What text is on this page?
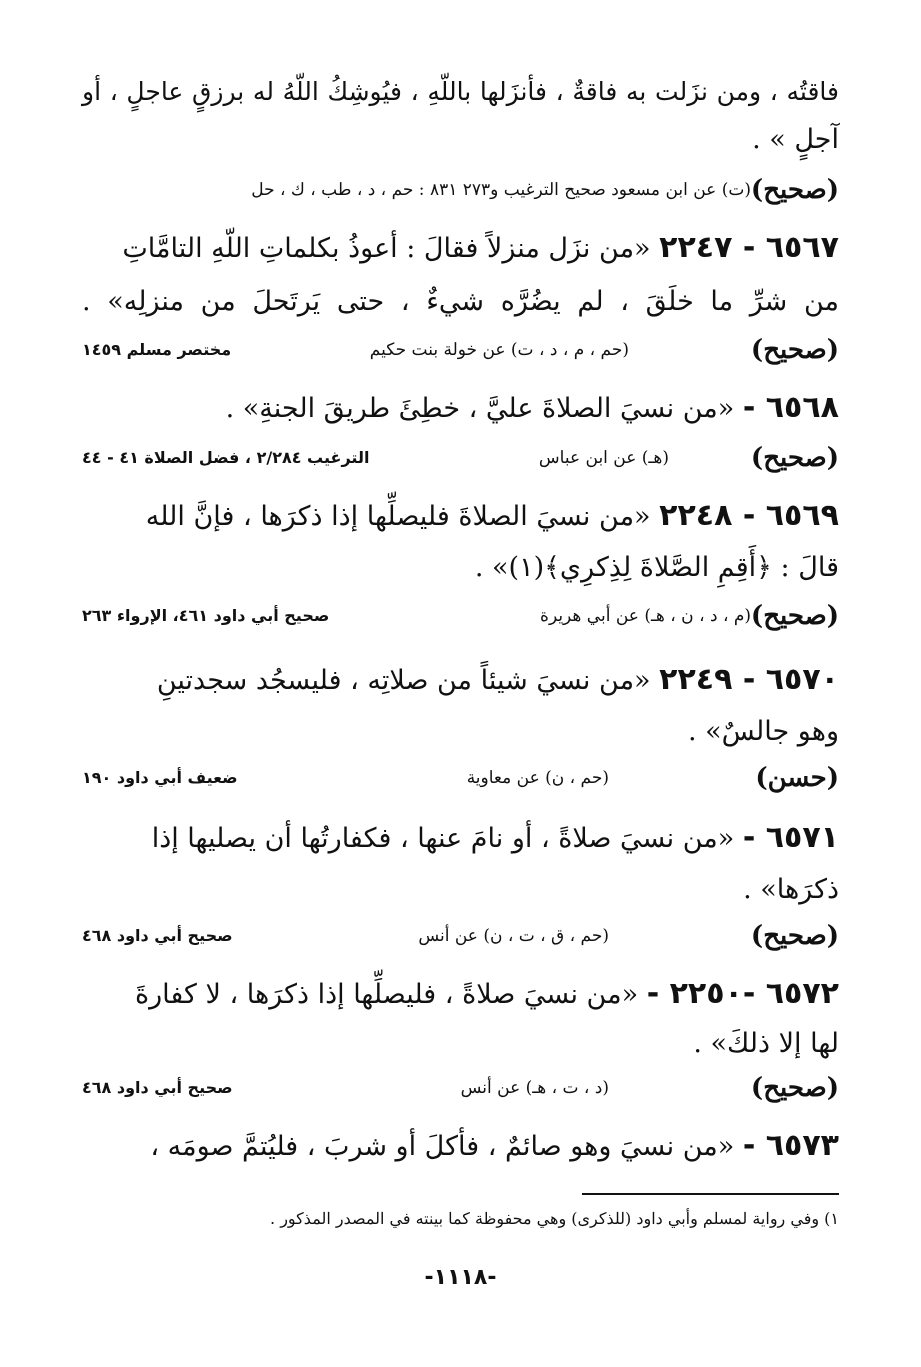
فاقتُه ، ومن نزَلت به فاقةٌ ، فأنزَلها باللّهِ ، فيُوشِكُ اللّهُ له برزقٍ عاجلٍ ، أو
آجلٍ » .
(صحيح)
(ت) عن ابن مسعود صحيح الترغيب و٢٧٣ ٨٣١ : حم ، د ، طب ، ك ، حل
٦٥٦٧ - ٢٢٤٧ «من نزَل منزلاً فقالَ : أعوذُ بكلماتِ اللّهِ التامَّاتِ
من شرِّ ما خلَقَ ، لم يضُرَّه شيءٌ ، حتى يَرتَحلَ من منزلِه» .
(صحيح)
(حم ، م ، د ، ت) عن خولة بنت حكيم
مختصر مسلم ١٤٥٩
٦٥٦٨ - «من نسيَ الصلاةَ عليَّ ، خطِئَ طريقَ الجنةِ» .
(صحيح)
(هـ) عن ابن عباس
الترغيب ٢/٢٨٤ ، فضل الصلاة ٤١ - ٤٤
٦٥٦٩ - ٢٢٤٨ «من نسيَ الصلاةَ فليصلِّها إذا ذكرَها ، فإنَّ الله
قالَ : ﴿أَقِمِ الصَّلاةَ لِذِكرِي﴾(١)» .
(صحيح)
(م ، د ، ن ، هـ) عن أبي هريرة
صحيح أبي داود ٤٦١، الإرواء ٢٦٣
٦٥٧٠ - ٢٢٤٩ «من نسيَ شيئاً من صلاتِه ، فليسجُد سجدتينِ
وهو جالسٌ» .
(حسن)
(حم ، ن) عن معاوية
ضعيف أبي داود ١٩٠
٦٥٧١ - «من نسيَ صلاةً ، أو نامَ عنها ، فكفارتُها أن يصليها إذا
ذكرَها» .
(صحيح)
(حم ، ق ، ت ، ن) عن أنس
صحيح أبي داود ٤٦٨
٦٥٧٢ -٢٢٥٠ - «من نسيَ صلاةً ، فليصلِّها إذا ذكرَها ، لا كفارةَ
لها إلا ذلكَ» .
(صحيح)
(د ، ت ، هـ) عن أنس
صحيح أبي داود ٤٦٨
٦٥٧٣ - «من نسيَ وهو صائمٌ ، فأكلَ أو شربَ ، فليُتمَّ صومَه ،
١) وفي رواية لمسلم وأبي داود (للذكرى) وهي محفوظة كما بينته في المصدر المذكور .
-١١١٨-
